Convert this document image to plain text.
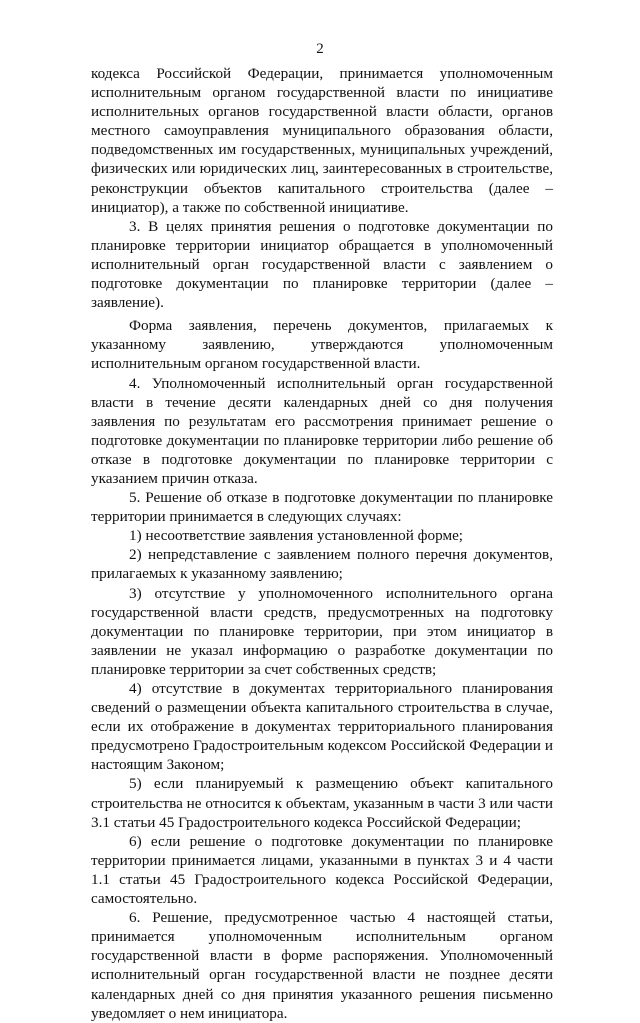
2

кодекса Российской Федерации, принимается уполномоченным исполнительным органом государственной власти по инициативе исполнительных органов государственной власти области, органов местного самоуправления муниципального образования области, подведомственных им государственных, муниципальных учреждений, физических или юридических лиц, заинтересованных в строительстве, реконструкции объектов капитального строительства (далее – инициатор), а также по собственной инициативе.

3. В целях принятия решения о подготовке документации по планировке территории инициатор обращается в уполномоченный исполнительный орган государственной власти с заявлением о подготовке документации по планировке территории (далее – заявление).

Форма заявления, перечень документов, прилагаемых к указанному заявлению, утверждаются уполномоченным исполнительным органом государственной власти.

4. Уполномоченный исполнительный орган государственной власти в течение десяти календарных дней со дня получения заявления по результатам его рассмотрения принимает решение о подготовке документации по планировке территории либо решение об отказе в подготовке документации по планировке территории с указанием причин отказа.

5. Решение об отказе в подготовке документации по планировке территории принимается в следующих случаях:

1) несоответствие заявления установленной форме;

2) непредставление с заявлением полного перечня документов, прилагаемых к указанному заявлению;

3) отсутствие у уполномоченного исполнительного органа государственной власти средств, предусмотренных на подготовку документации по планировке территории, при этом инициатор в заявлении не указал информацию о разработке документации по планировке территории за счет собственных средств;

4) отсутствие в документах территориального планирования сведений о размещении объекта капитального строительства в случае, если их отображение в документах территориального планирования предусмотрено Градостроительным кодексом Российской Федерации и настоящим Законом;

5) если планируемый к размещению объект капитального строительства не относится к объектам, указанным в части 3 или части 3.1 статьи 45 Градостроительного кодекса Российской Федерации;

6) если решение о подготовке документации по планировке территории принимается лицами, указанными в пунктах 3 и 4 части 1.1 статьи 45 Градостроительного кодекса Российской Федерации, самостоятельно.

6. Решение, предусмотренное частью 4 настоящей статьи, принимается уполномоченным исполнительным органом государственной власти в форме распоряжения. Уполномоченный исполнительный орган государственной власти не позднее десяти календарных дней со дня принятия указанного решения письменно уведомляет о нем инициатора.
